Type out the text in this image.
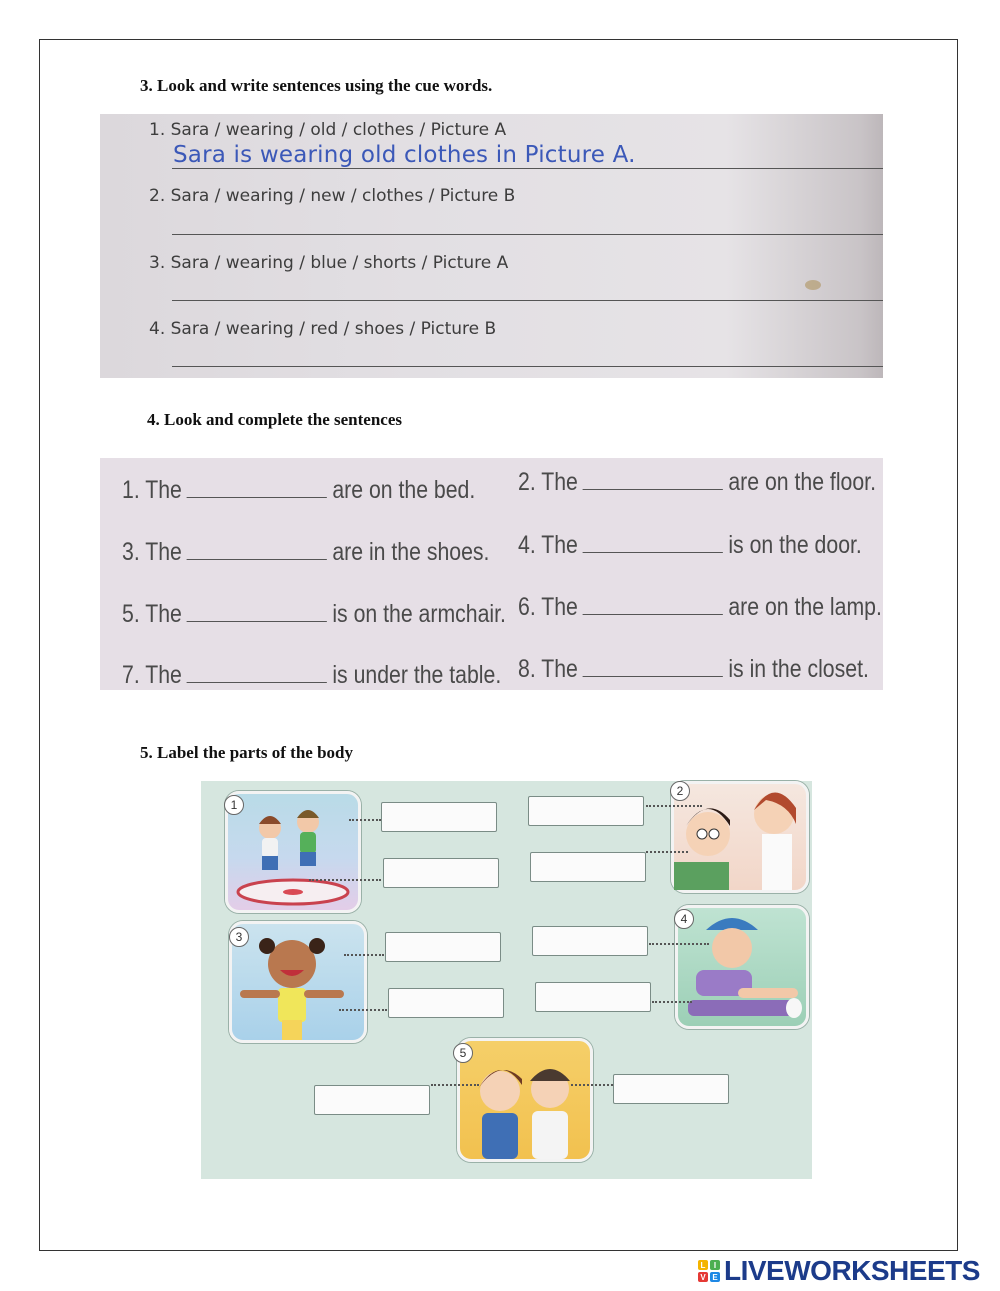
3. Look and write sentences using the cue words.
1. Sara / wearing / old / clothes / Picture A
Sara is wearing old clothes in Picture A.
2. Sara / wearing / new / clothes / Picture B
3. Sara / wearing / blue / shorts / Picture A
4. Sara / wearing / red / shoes / Picture B
4. Look and complete the sentences
1. The	are on the bed. 2. The	are on the floor.
3. The	are in the shoes. 4. The	is on the door.
5. The	is on the armchair. 6. The	are on the lamp.
7. The	is under the table. 8. The	is in the closet.
5. Label the parts of the body
1
2
3
4
5
L	I
V E LIVEWORKSHEETS
